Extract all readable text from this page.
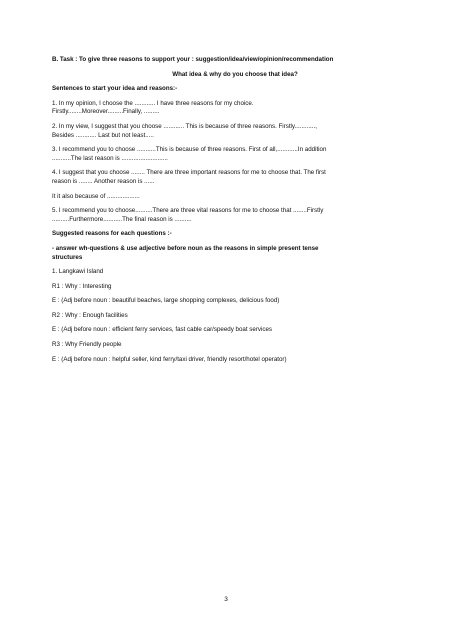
B. Task : To give three reasons to support your : suggestion/idea/view/opinion/recommendation
What idea & why do you choose that idea?
Sentences to start your idea and reasons:-
1. In my opinion, I choose the ............ I have three reasons for my choice.
Firstly........Moreover.........Finally, .........
2. In my view, I suggest that you choose ............ This is because of three reasons. Firstly............,
Besides ............ Last but not least.....
3. I recommend you to choose ...........This is because of three reasons. First of all,............In addition
...........The last reason is ...........................
4. I suggest that you choose ........ There are three important reasons for me to choose that. The first
reason is ........ Another reason is ......
It it also because of ...................
5. I recommend you to choose..........There are three vital reasons for me to choose that ........Firstly
..........Furthermore...........The final reason is ..........
Suggested reasons for each questions :-
- answer wh-questions & use adjective before noun as the reasons in simple present tense
structures
1. Langkawi Island
R1 : Why : Interesting
E : (Adj before noun : beautiful beaches, large shopping complexes, delicious food)
R2 : Why : Enough facilities
E : (Adj before noun : efficient ferry services, fast cable car/speedy boat services
R3 : Why Friendly people
E : (Adj before noun : helpful seller, kind ferry/taxi driver, friendly resort/hotel operator)
3
